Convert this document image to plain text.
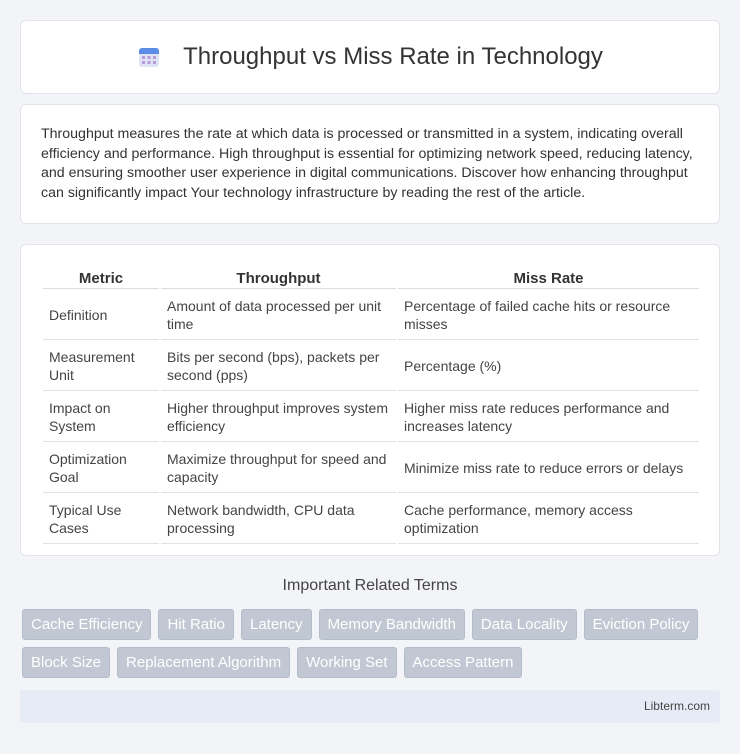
Throughput vs Miss Rate in Technology

Throughput measures the rate at which data is processed or transmitted in a system, indicating overall efficiency and performance. High throughput is essential for optimizing network speed, reducing latency, and ensuring smoother user experience in digital communications. Discover how enhancing throughput can significantly impact Your technology infrastructure by reading the rest of the article.

Metric	Throughput	Miss Rate
Definition	Amount of data processed per unit time	Percentage of failed cache hits or resource misses
Measurement Unit	Bits per second (bps), packets per second (pps)	Percentage (%)
Impact on System	Higher throughput improves system efficiency	Higher miss rate reduces performance and increases latency
Optimization Goal	Maximize throughput for speed and capacity	Minimize miss rate to reduce errors or delays
Typical Use Cases	Network bandwidth, CPU data processing	Cache performance, memory access optimization
Important Related Terms
Cache Efficiency	Hit Ratio	Latency	Memory Bandwidth	Data Locality	Eviction Policy
Block Size	Replacement Algorithm	Working Set	Access Pattern
Libterm.com
